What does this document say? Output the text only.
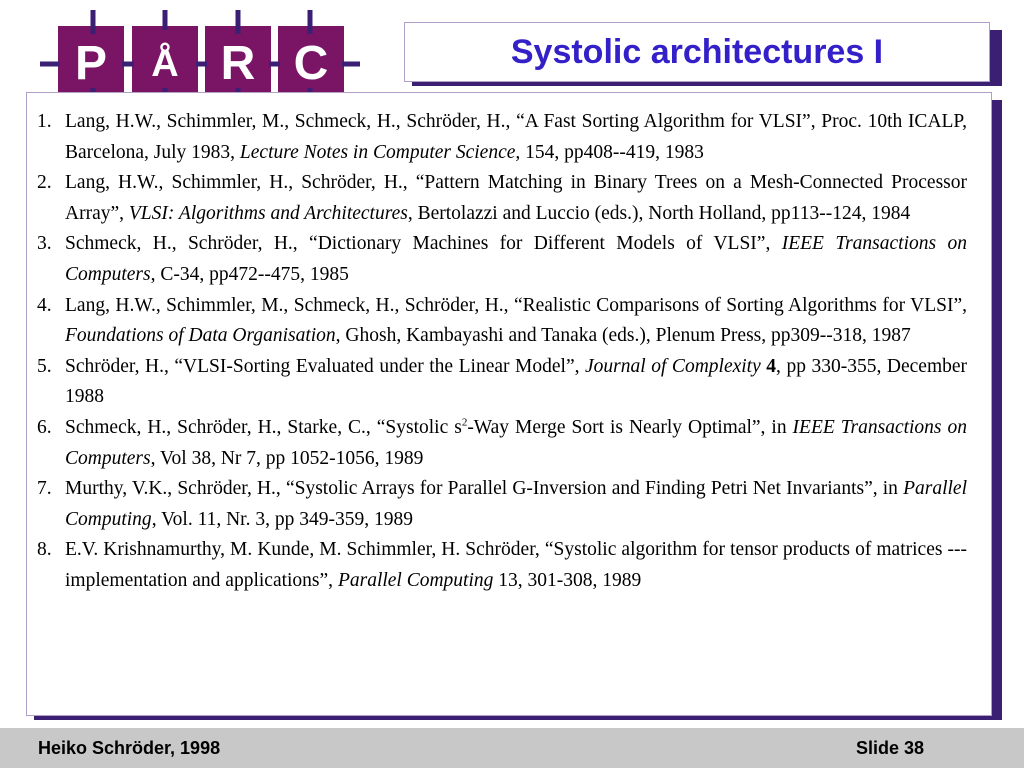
P	Å R C	Systolic architectures I
1. Lang, H.W., Schimmler, M., Schmeck, H., Schröder, H., “A Fast Sorting Algorithm for VLSI”, Proc. 10th ICALP, Barcelona, July 1983, Lecture Notes in Computer Science, 154, pp408--419, 1983
2. Lang, H.W., Schimmler, H., Schröder, H., “Pattern Matching in Binary Trees on a Mesh-Connected Processor Array”, VLSI: Algorithms and Architectures, Bertolazzi and Luccio (eds.), North Holland, pp113--124, 1984
3. Schmeck, H., Schröder, H., “Dictionary Machines for Different Models of VLSI”, IEEE Transactions on Computers, C-34, pp472--475, 1985
4. Lang, H.W., Schimmler, M., Schmeck, H., Schröder, H., “Realistic Comparisons of Sorting Algorithms for VLSI”, Foundations of Data Organisation, Ghosh, Kambayashi and Tanaka (eds.), Plenum Press, pp309--318, 1987
5. Schröder, H., “VLSI-Sorting Evaluated under the Linear Model”, Journal of Complexity 4, pp 330-355, December 1988
6. Schmeck, H., Schröder, H., Starke, C., “Systolic $s^2$-Way Merge Sort is Nearly Optimal”, in IEEE Transactions on Computers, Vol 38, Nr 7, pp 1052-1056, 1989
7. Murthy, V.K., Schröder, H., “Systolic Arrays for Parallel G-Inversion and Finding Petri Net Invariants”, in Parallel Computing, Vol. 11, Nr. 3, pp 349-359, 1989
8. E.V. Krishnamurthy, M. Kunde, M. Schimmler, H. Schröder, “Systolic algorithm for tensor products of matrices --- implementation and applications”, Parallel Computing 13, 301-308, 1989
Heiko Schröder, 1998	Slide 38
